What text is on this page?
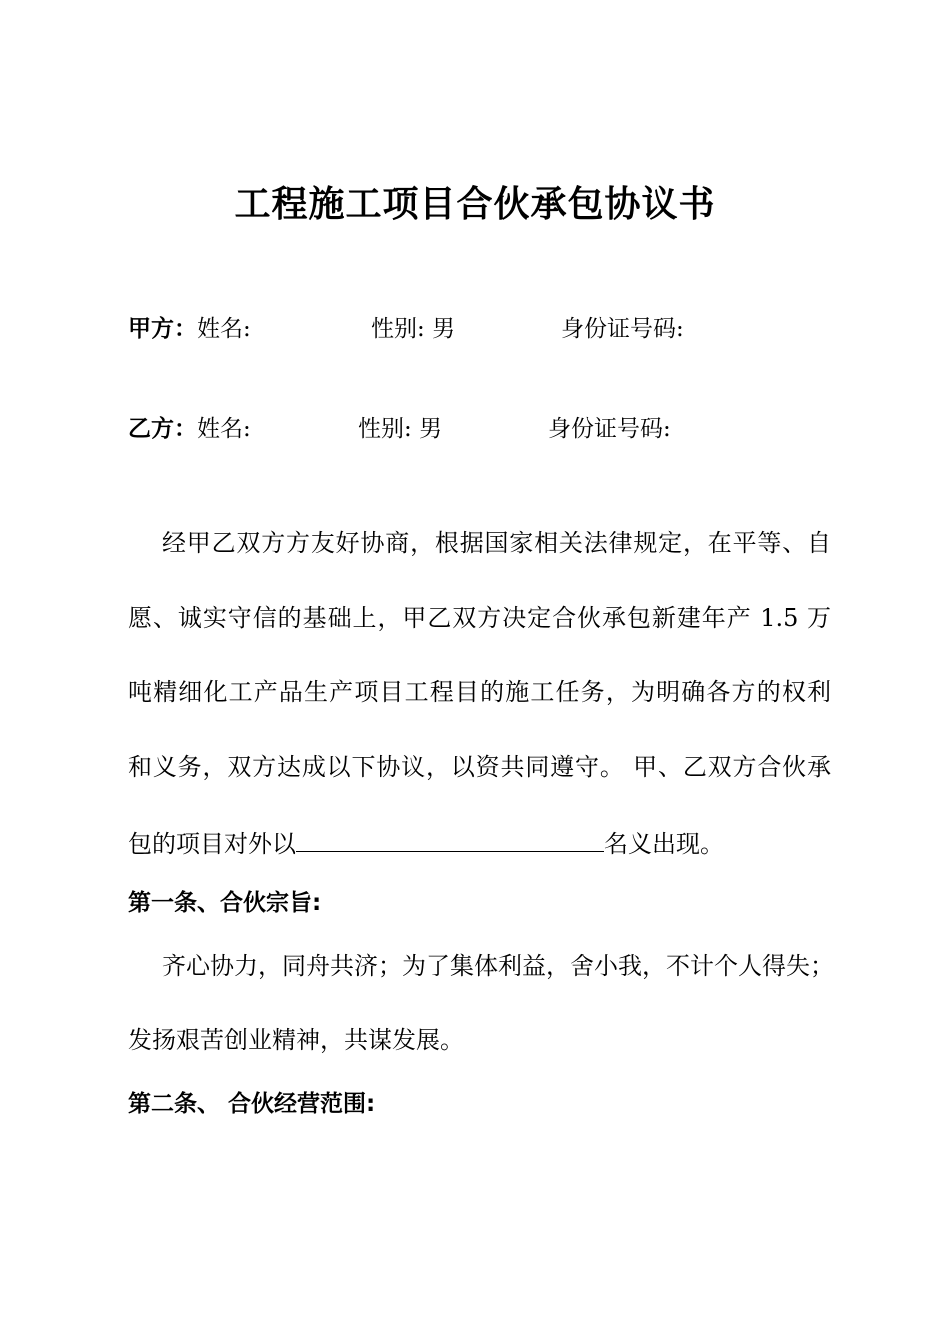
工程施工项目合伙承包协议书
甲方：姓名:	性别: 男	身份证号码:
乙方：姓名:	性别: 男	身份证号码:
经甲乙双方方友好协商，根据国家相关法律规定，在平等、自
愿、诚实守信的基础上，甲乙双方决定合伙承包新建年产 1.5 万
吨精细化工产品生产项目工程目的施工任务，为明确各方的权利
和义务，双方达成以下协议，以资共同遵守。 甲、乙双方合伙承
包的项目对外以	名义出现。
第一条、合伙宗旨:
齐心协力，同舟共济；为了集体利益，舍小我，不计个人得失；
发扬艰苦创业精神，共谋发展。
第二条、 合伙经营范围:
